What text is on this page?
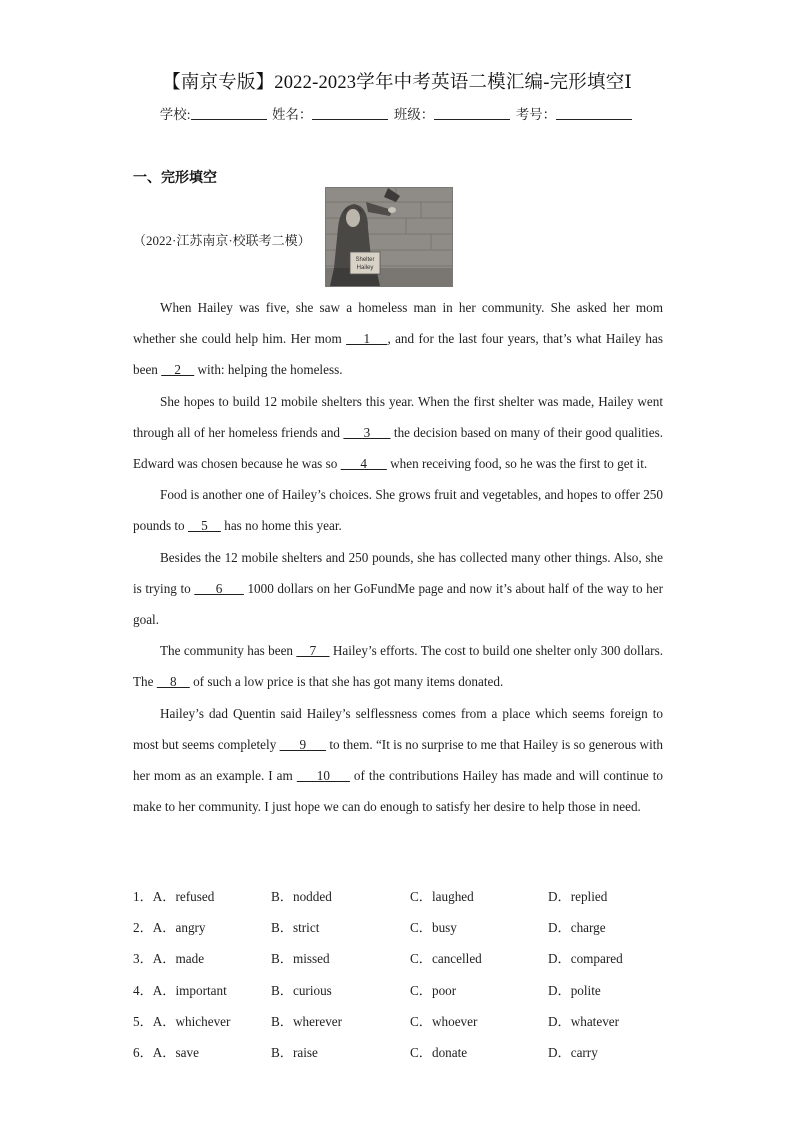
【南京专版】2022-2023学年中考英语二模汇编-完形填空Ⅰ
学校:	姓名：	班级：	考号：
一、完形填空
（2022·江苏南京·校联考二模）
Shelter
Hailey

When Hailey was five, she saw a homeless man in her community. She asked her mom whether she could help him. Her mom     1    , and for the last four years, that’s what Hailey has been     2     with: helping the homeless.

She hopes to build 12 mobile shelters this year. When the first shelter was made, Hailey went through all of her homeless friends and       3       the decision based on many of their good qualities. Edward was chosen because he was so       4       when receiving food, so he was the first to get it.

Food is another one of Hailey’s choices. She grows fruit and vegetables, and hopes to offer 250 pounds to     5     has no home this year.

Besides the 12 mobile shelters and 250 pounds, she has collected many other things. Also, she is trying to       6       1000 dollars on her GoFundMe page and now it’s about half of the way to her goal.

The community has been     7     Hailey’s efforts. The cost to build one shelter only 300 dollars. The     8     of such a low price is that she has got many items donated.

Hailey’s dad Quentin said Hailey’s selflessness comes from a place which seems foreign to most but seems completely       9       to them. “It is no surprise to me that Hailey is so generous with her mom as an example. I am      10      of the contributions Hailey has made and will continue to make to her community. I just hope we can do enough to satisfy her desire to help those in need.

1．A．refused	B．nodded	C．laughed	D．replied
2．A．angry	B．strict	C．busy	D．charge
3．A．made	B．missed	C．cancelled	D．compared
4．A．important	B．curious	C．poor	D．polite
5．A．whichever	B．wherever	C．whoever	D．whatever
6．A．save	B．raise	C．donate	D．carry
